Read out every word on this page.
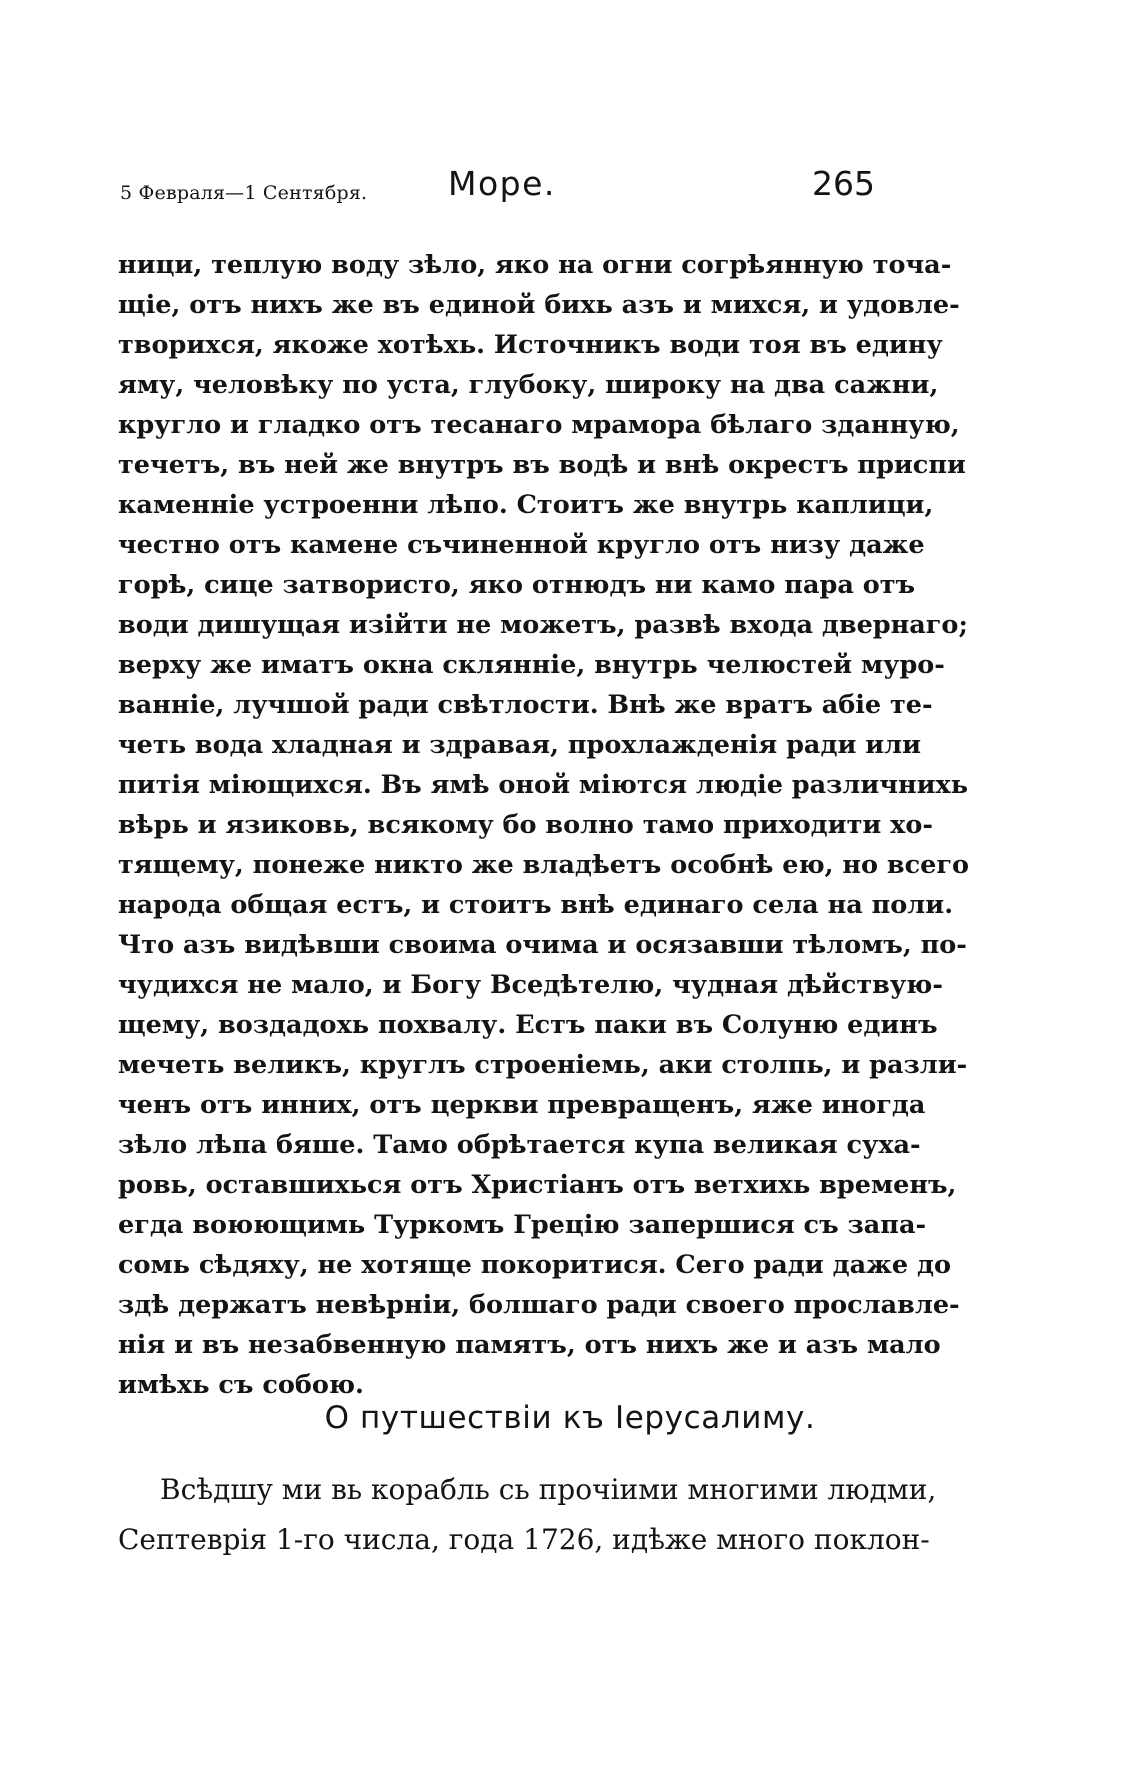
5 Февраля—1 Сентября. Море.	265
ници, теплую воду зѣло, яко на огни согрѣянную точа-
щіе, отъ нихъ же въ единой бихь азъ и михся, и удовле-
творихся, якоже хотѣхь. Источникъ води тоя въ едину
яму, человѣку по уста, глубоку, широку на два сажни,
кругло и гладко отъ тесанаго мрамора бѣлаго зданную,
течетъ, въ ней же внутръ въ водѣ и внѣ окрестъ приспи
каменніе устроенни лѣпо. Стоитъ же внутрь каплици,
честно отъ камене съчиненной кругло отъ низу даже
горѣ, сице затвористо, яко отнюдъ ни камо пара отъ
води дишущая изійти не можетъ, развѣ входа двернаго;
верху же иматъ окна склянніе, внутрь челюстей муро-
ванніе, лучшой ради свѣтлости. Внѣ же вратъ абіе те-
четь вода хладная и здравая, прохлажденія ради или
питія міющихся. Въ ямѣ оной міются людіе различнихь
вѣрь и язиковь, всякому бо волно тамо приходити хо-
тящему, понеже никто же владѣетъ особнѣ ею, но всего
народа общая естъ, и стоитъ внѣ единаго села на поли.
Что азъ видѣвши своима очима и осязавши тѣломъ, по-
чудихся не мало, и Богу Вседѣтелю, чудная дѣйствую-
щему, воздадохь похвалу. Естъ паки въ Солуню единъ
мечеть великъ, круглъ строеніемь, аки столпь, и разли-
ченъ отъ инних, отъ церкви превращенъ, яже иногда
зѣло лѣпа бяше. Тамо обрѣтается купа великая суха-
ровь, оставшихься отъ Христіанъ отъ ветхихь временъ,
егда воюющимь Туркомъ Грецію запершися съ запа-
сомь сѣдяху, не хотяще покоритися. Сего ради даже до
здѣ держатъ невѣрніи, болшаго ради своего прославле-
нія и въ незабвенную памятъ, отъ нихъ же и азъ мало
имѣхь съ собою.
О путшествіи къ Іерусалиму.
Всѣдшу ми вь корабль сь прочіими многими людми,
Септеврія 1-го числа, года 1726, идѣже много поклон-
